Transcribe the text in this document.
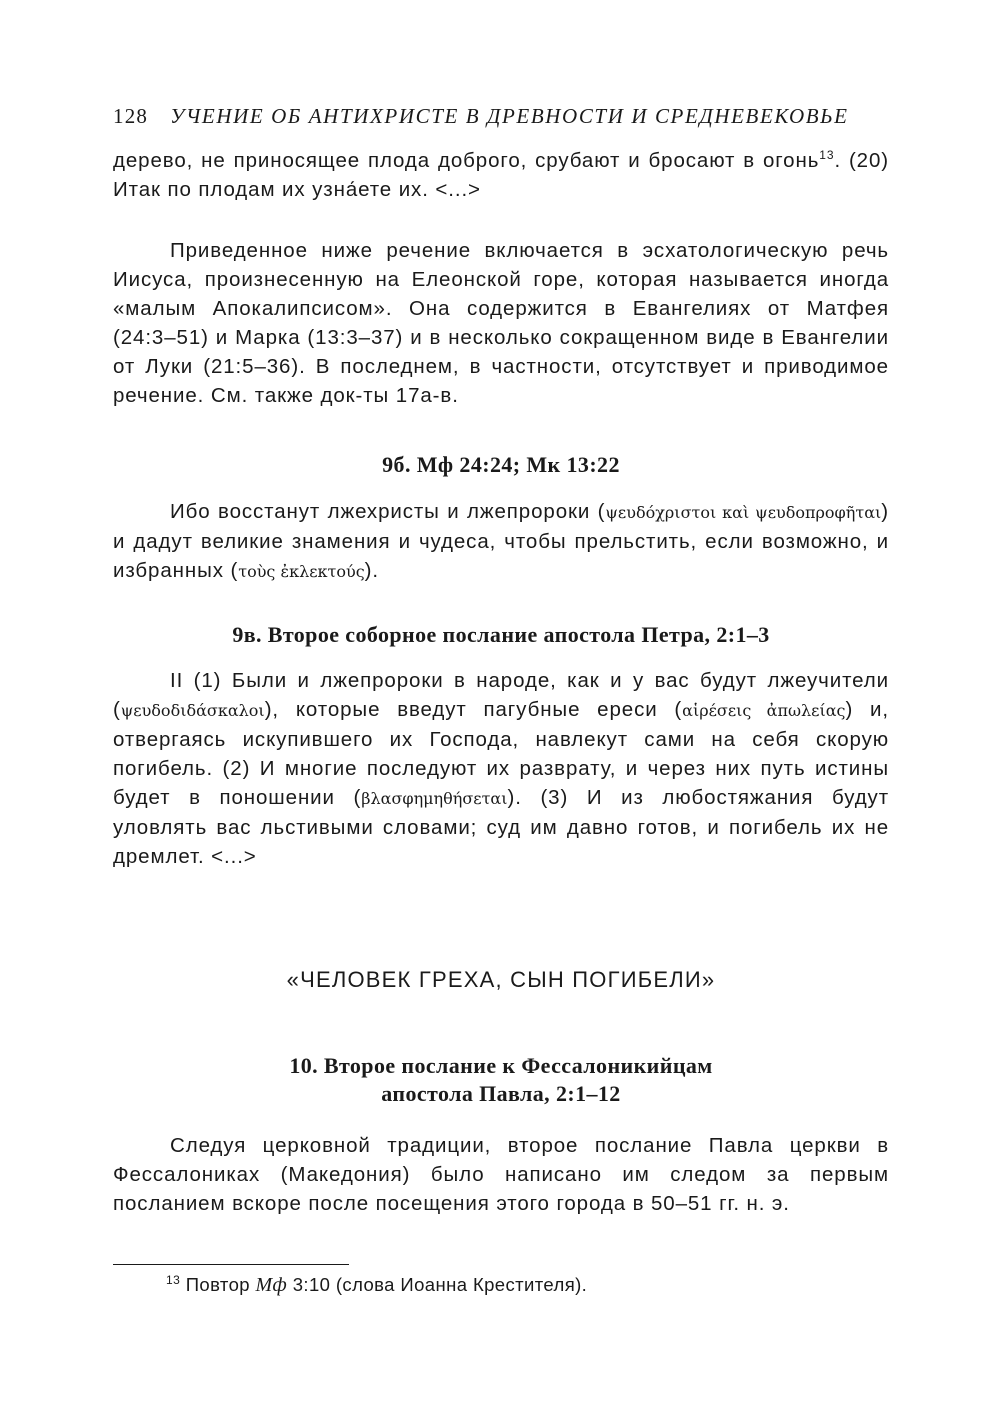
128 УЧЕНИЕ ОБ АНТИХРИСТЕ В ДРЕВНОСТИ И СРЕДНЕВЕКОВЬЕ
дерево, не приносящее плода доброго, срубают и бросают в огонь$^{13}$. (20) Итак по плодам их узна́ете их. <...>
Приведенное ниже речение включается в эсхатологическую речь Иисуса, произнесенную на Елеонской горе, которая называется иногда «малым Апокалипсисом». Она содержится в Евангелиях от Матфея (24:3–51) и Марка (13:3–37) и в несколько сокращенном виде в Евангелии от Луки (21:5–36). В последнем, в частности, отсутствует и приводимое речение. См. также док-ты 17а-в.
9б. Мф 24:24; Мк 13:22
Ибо восстанут лжехристы и лжепророки (ψευδόχριστοι καὶ ψευδοπροφῆται) и дадут великие знамения и чудеса, чтобы прельстить, если возможно, и избранных (τοὺς ἐκλεκτούς).
9в. Второе соборное послание апостола Петра, 2:1–3
II (1) Были и лжепророки в народе, как и у вас будут лжеучители (ψευδοδιδάσκαλοι), которые введут пагубные ереси (αἱρέσεις ἀπωλείας) и, отвергаясь искупившего их Господа, навлекут сами на себя скорую погибель. (2) И многие последуют их разврату, и через них путь истины будет в поношении (βλασφημηθήσεται). (3) И из любостяжания будут уловлять вас льстивыми словами; суд им давно готов, и погибель их не дремлет. <...>
«ЧЕЛОВЕК ГРЕХА, СЫН ПОГИБЕЛИ»
10. Второе послание к Фессалоникийцам
апостола Павла, 2:1–12
Следуя церковной традиции, второе послание Павла церкви в Фессалониках (Македония) было написано им следом за первым посланием вскоре после посещения этого города в 50–51 гг. н. э.
$^{13}$ Повтор Мф 3:10 (слова Иоанна Крестителя).
